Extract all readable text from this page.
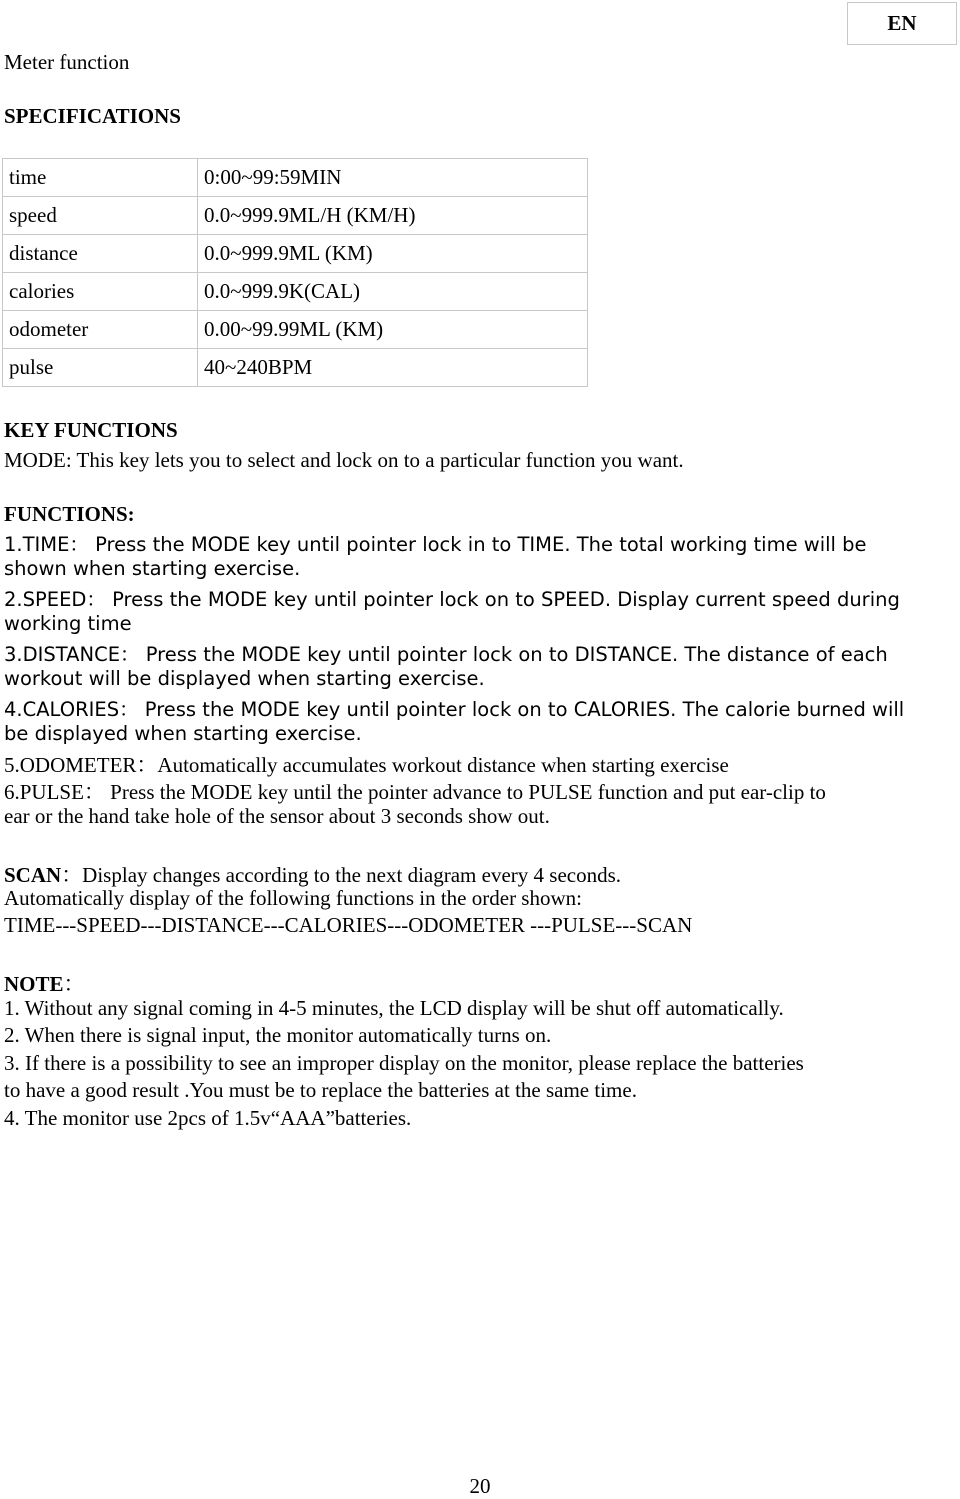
EN
Meter function
SPECIFICATIONS
time	0:00~99:59MIN
speed	0.0~999.9ML/H (KM/H)
distance	0.0~999.9ML (KM)
calories	0.0~999.9K(CAL)
odometer	0.00~99.99ML (KM)
pulse	40~240BPM
KEY FUNCTIONS
MODE: This key lets you to select and lock on to a particular function you want.
FUNCTIONS:
1.TIME： Press the MODE key until pointer lock in to TIME. The total working time will be
shown when starting exercise.
2.SPEED： Press the MODE key until pointer lock on to SPEED. Display current speed during
working time
3.DISTANCE： Press the MODE key until pointer lock on to DISTANCE. The distance of each
workout will be displayed when starting exercise.
4.CALORIES： Press the MODE key until pointer lock on to CALORIES. The calorie burned will
be displayed when starting exercise.
5.ODOMETER：Automatically accumulates workout distance when starting exercise
6.PULSE： Press the MODE key until the pointer advance to PULSE function and put ear-clip to
ear or the hand take hole of the sensor about 3 seconds show out.
SCAN：Display changes according to the next diagram every 4 seconds.
Automatically display of the following functions in the order shown:
TIME---SPEED---DISTANCE---CALORIES---ODOMETER ---PULSE---SCAN
NOTE：
1. Without any signal coming in 4-5 minutes, the LCD display will be shut off automatically.
2. When there is signal input, the monitor automatically turns on.
3. If there is a possibility to see an improper display on the monitor, please replace the batteries
to have a good result .You must be to replace the batteries at the same time.
4. The monitor use 2pcs of 1.5v“AAA”batteries.
20
